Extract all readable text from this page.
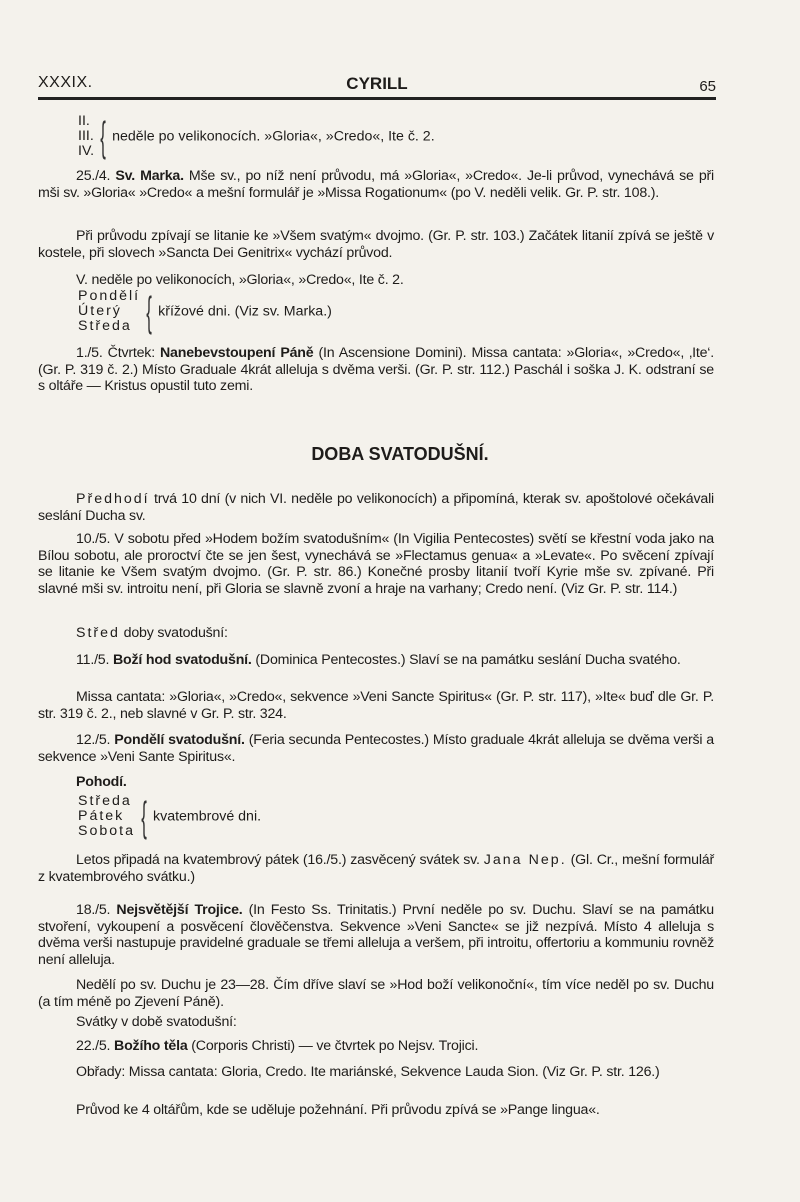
XXXIX.	CYRILL	65
II.
III.
IV. { neděle po velikonocích. »Gloria«, »Credo«, Ite č. 2.
25./4. Sv. Marka. Mše sv., po níž není průvodu, má »Gloria«, »Credo«. Je-li průvod, vynechává se při mši sv. »Gloria« »Credo« a mešní formulář je »Missa Rogationum« (po V. neděli velik. Gr. P. str. 108.).
Při průvodu zpívají se litanie ke »Všem svatým« dvojmo. (Gr. P. str. 103.) Začátek litanií zpívá se ještě v kostele, při slovech »Sancta Dei Genitrix« vychází průvod.
V. neděle po velikonocích, »Gloria«, »Credo«, Ite č. 2.
Pondělí
Úterý
Středa { křížové dni. (Viz sv. Marka.)
1./5. Čtvrtek: Nanebevstoupení Páně (In Ascensione Domini). Missa cantata: »Gloria«, »Credo«, ‚Ite‘. (Gr. P. 319 č. 2.) Místo Graduale 4krát alleluja s dvěma verši. (Gr. P. str. 112.) Paschál i soška J. K. odstraní se s oltáře — Kristus opustil tuto zemi.
DOBA SVATODUŠNÍ.
Předhodí trvá 10 dní (v nich VI. neděle po velikonocích) a připomíná, kterak sv. apoštolové očekávali seslání Ducha sv.
10./5. V sobotu před »Hodem božím svatodušním« (In Vigilia Pentecostes) světí se křestní voda jako na Bílou sobotu, ale proroctví čte se jen šest, vynechává se »Flectamus genua« a »Levate«. Po svěcení zpívají se litanie ke Všem svatým dvojmo. (Gr. P. str. 86.) Konečné prosby litanií tvoří Kyrie mše sv. zpívané. Při slavné mši sv. introitu není, při Gloria se slavně zvoní a hraje na varhany; Credo není. (Viz Gr. P. str. 114.)
Střed doby svatodušní:
11./5. Boží hod svatodušní. (Dominica Pentecostes.) Slaví se na památku seslání Ducha svatého.
Missa cantata: »Gloria«, »Credo«, sekvence »Veni Sancte Spiritus« (Gr. P. str. 117), »Ite« buď dle Gr. P. str. 319 č. 2., neb slavné v Gr. P. str. 324.
12./5. Pondělí svatodušní. (Feria secunda Pentecostes.) Místo graduale 4krát alleluja se dvěma verši a sekvence »Veni Sante Spiritus«.
Pohodí.
Středa
Pátek
Sobota { kvatembrové dni.
Letos připadá na kvatembrový pátek (16./5.) zasvěcený svátek sv. Jana Nep. (Gl. Cr., mešní formulář z kvatembrového svátku.)
18./5. Nejsvětější Trojice. (In Festo Ss. Trinitatis.) První neděle po sv. Duchu. Slaví se na památku stvoření, vykoupení a posvěcení člověčenstva. Sekvence »Veni Sancte« se již nezpívá. Místo 4 alleluja s dvěma verši nastupuje pravidelné graduale se třemi alleluja a veršem, při introitu, offertoriu a kommuniu rovněž není alleluja.
Nedělí po sv. Duchu je 23—28. Čím dříve slaví se »Hod boží velikonoční«, tím více neděl po sv. Duchu (a tím méně po Zjevení Páně).
Svátky v době svatodušní:
22./5. Božího těla (Corporis Christi) — ve čtvrtek po Nejsv. Trojici.
Obřady: Missa cantata: Gloria, Credo. Ite mariánské, Sekvence Lauda Sion. (Viz Gr. P. str. 126.)
Průvod ke 4 oltářům, kde se uděluje požehnání. Při průvodu zpívá se »Pange lingua«.
